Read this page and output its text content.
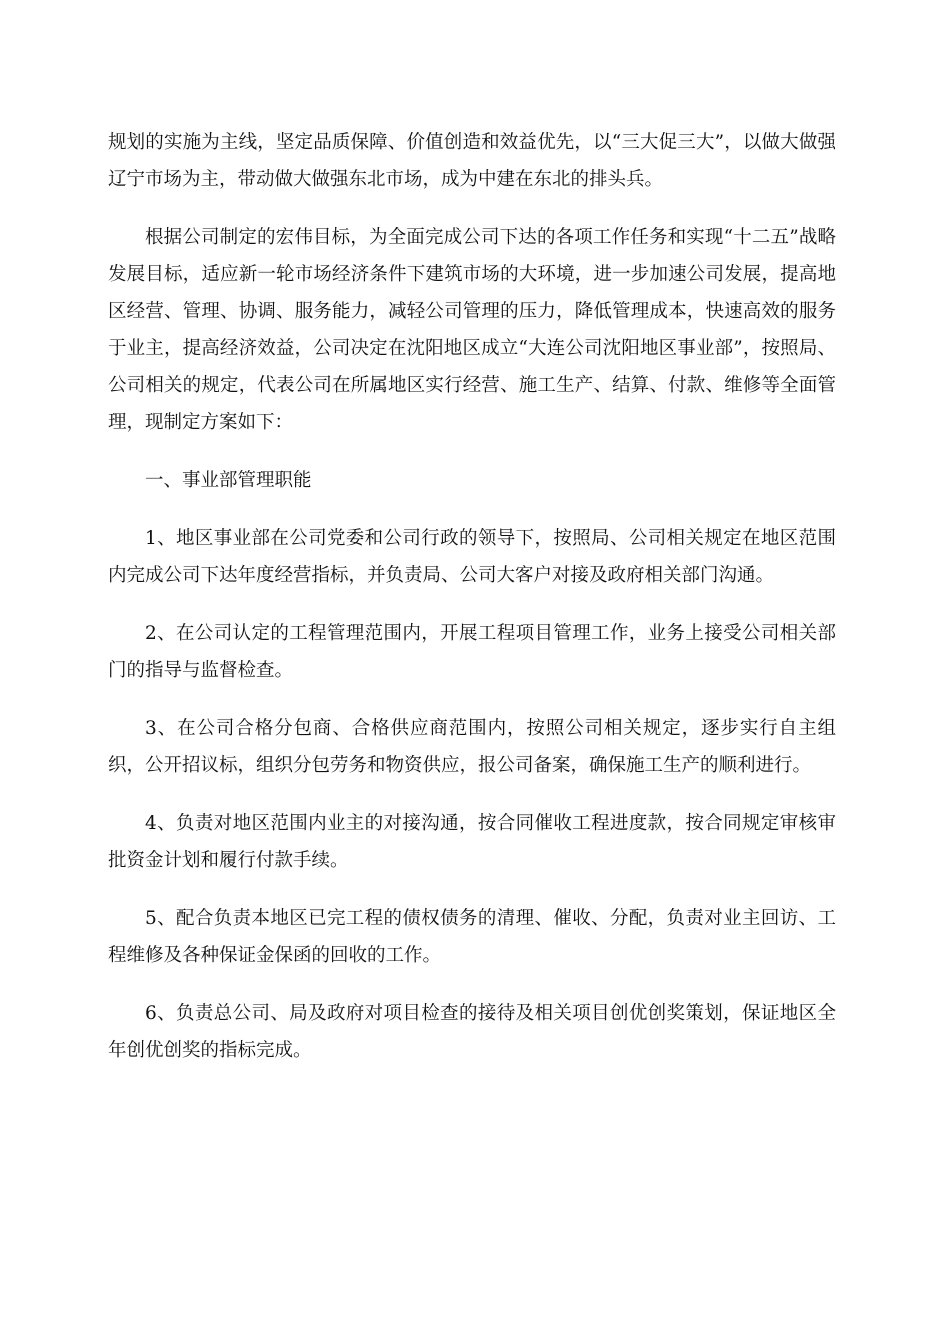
规划的实施为主线，坚定品质保障、价值创造和效益优先，以“三大促三大”，以做大做强辽宁市场为主，带动做大做强东北市场，成为中建在东北的排头兵。

根据公司制定的宏伟目标，为全面完成公司下达的各项工作任务和实现“十二五”战略发展目标，适应新一轮市场经济条件下建筑市场的大环境，进一步加速公司发展，提高地区经营、管理、协调、服务能力，减轻公司管理的压力，降低管理成本，快速高效的服务于业主，提高经济效益，公司决定在沈阳地区成立“大连公司沈阳地区事业部”，按照局、公司相关的规定，代表公司在所属地区实行经营、施工生产、结算、付款、维修等全面管理，现制定方案如下：

一、事业部管理职能

1、地区事业部在公司党委和公司行政的领导下，按照局、公司相关规定在地区范围内完成公司下达年度经营指标，并负责局、公司大客户对接及政府相关部门沟通。

2、在公司认定的工程管理范围内，开展工程项目管理工作，业务上接受公司相关部门的指导与监督检查。

3、在公司合格分包商、合格供应商范围内，按照公司相关规定，逐步实行自主组织，公开招议标，组织分包劳务和物资供应，报公司备案，确保施工生产的顺利进行。

4、负责对地区范围内业主的对接沟通，按合同催收工程进度款，按合同规定审核审批资金计划和履行付款手续。

5、配合负责本地区已完工程的债权债务的清理、催收、分配，负责对业主回访、工程维修及各种保证金保函的回收的工作。

6、负责总公司、局及政府对项目检查的接待及相关项目创优创奖策划，保证地区全年创优创奖的指标完成。
